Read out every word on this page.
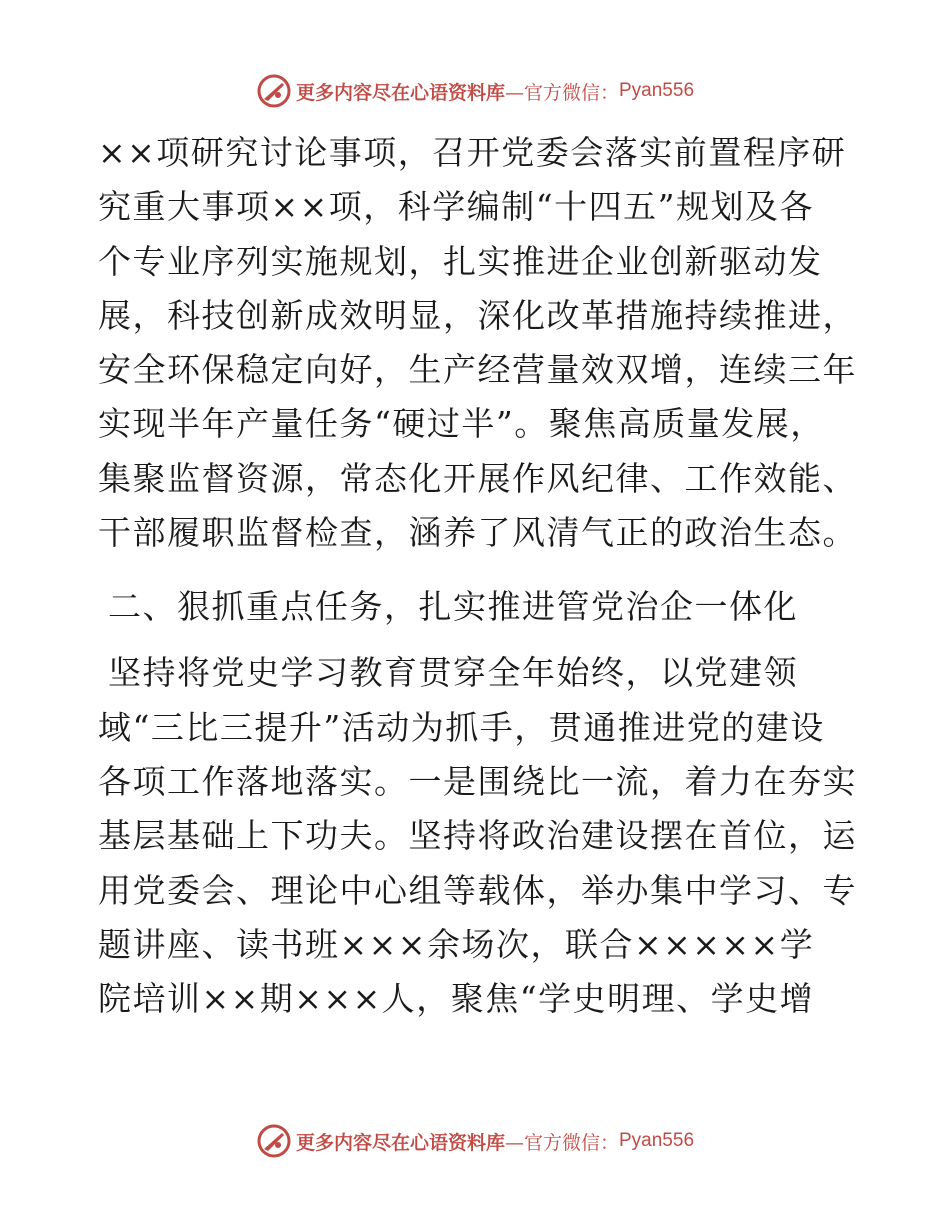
更多内容尽在心语资料库 —官方微信： Pyan556
××项研究讨论事项，召开党委会落实前置程序研
究重大事项××项，科学编制“十四五”规划及各
个专业序列实施规划，扎实推进企业创新驱动发
展，科技创新成效明显，深化改革措施持续推进，
安全环保稳定向好，生产经营量效双增，连续三年
实现半年产量任务“硬过半”。聚焦高质量发展，
集聚监督资源，常态化开展作风纪律、工作效能、
干部履职监督检查，涵养了风清气正的政治生态。
二、狠抓重点任务，扎实推进管党治企一体化
坚持将党史学习教育贯穿全年始终，以党建领
域“三比三提升”活动为抓手，贯通推进党的建设
各项工作落地落实。一是围绕比一流，着力在夯实
基层基础上下功夫。坚持将政治建设摆在首位，运
用党委会、理论中心组等载体，举办集中学习、专
题讲座、读书班×××余场次，联合×××××学
院培训××期×××人，聚焦“学史明理、学史增
更多内容尽在心语资料库 —官方微信： Pyan556
